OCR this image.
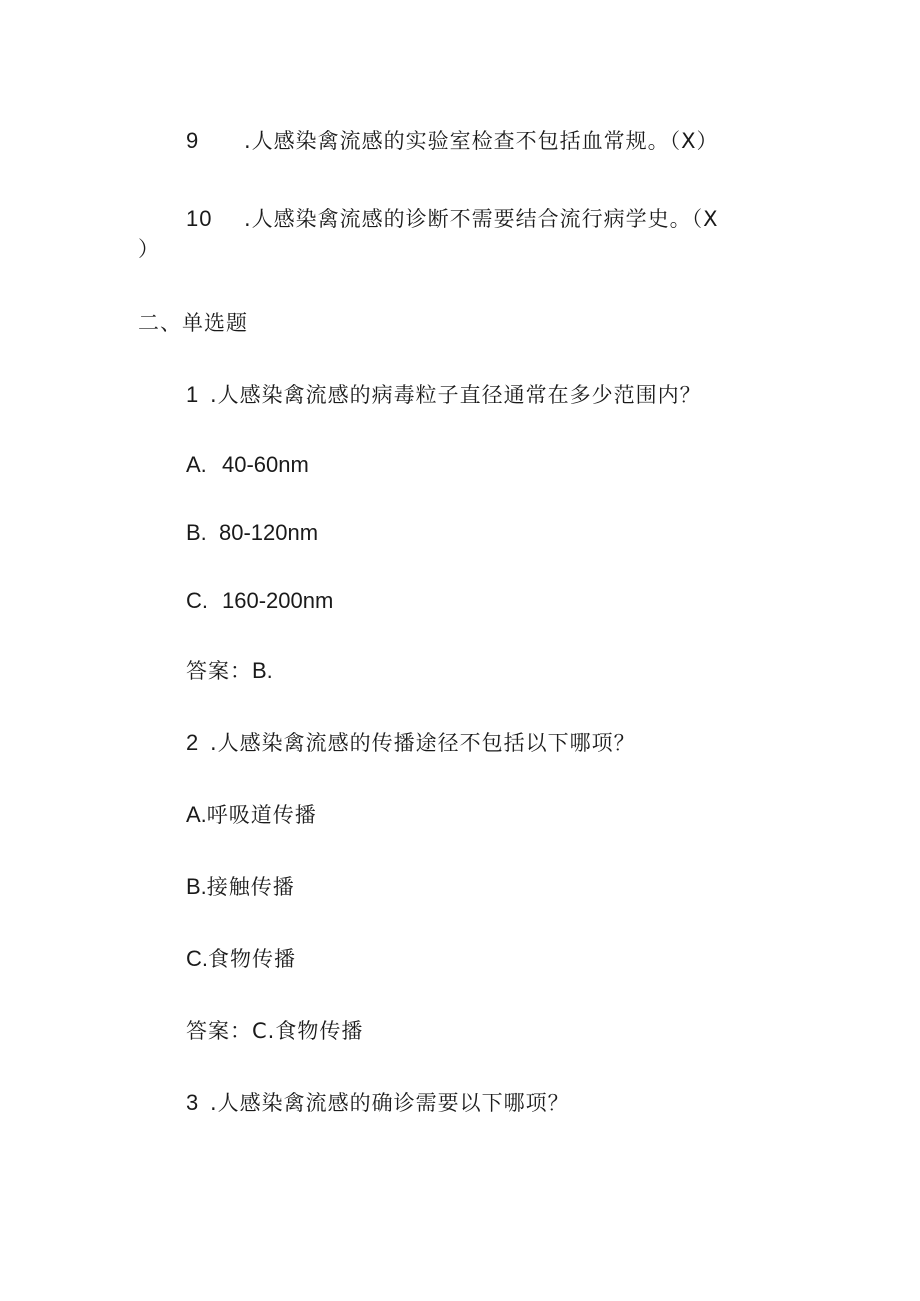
9 .人感染禽流感的实验室检查不包括血常规。（X）
10 .人感染禽流感的诊断不需要结合流行病学史。（X
）
二、单选题
1 .人感染禽流感的病毒粒子直径通常在多少范围内？
A. 40-60nm
B. 80-120nm
C. 160-200nm
答案：B.
2 .人感染禽流感的传播途径不包括以下哪项？
A.呼吸道传播
B.接触传播
C.食物传播
答案：C.食物传播
3 .人感染禽流感的确诊需要以下哪项？
